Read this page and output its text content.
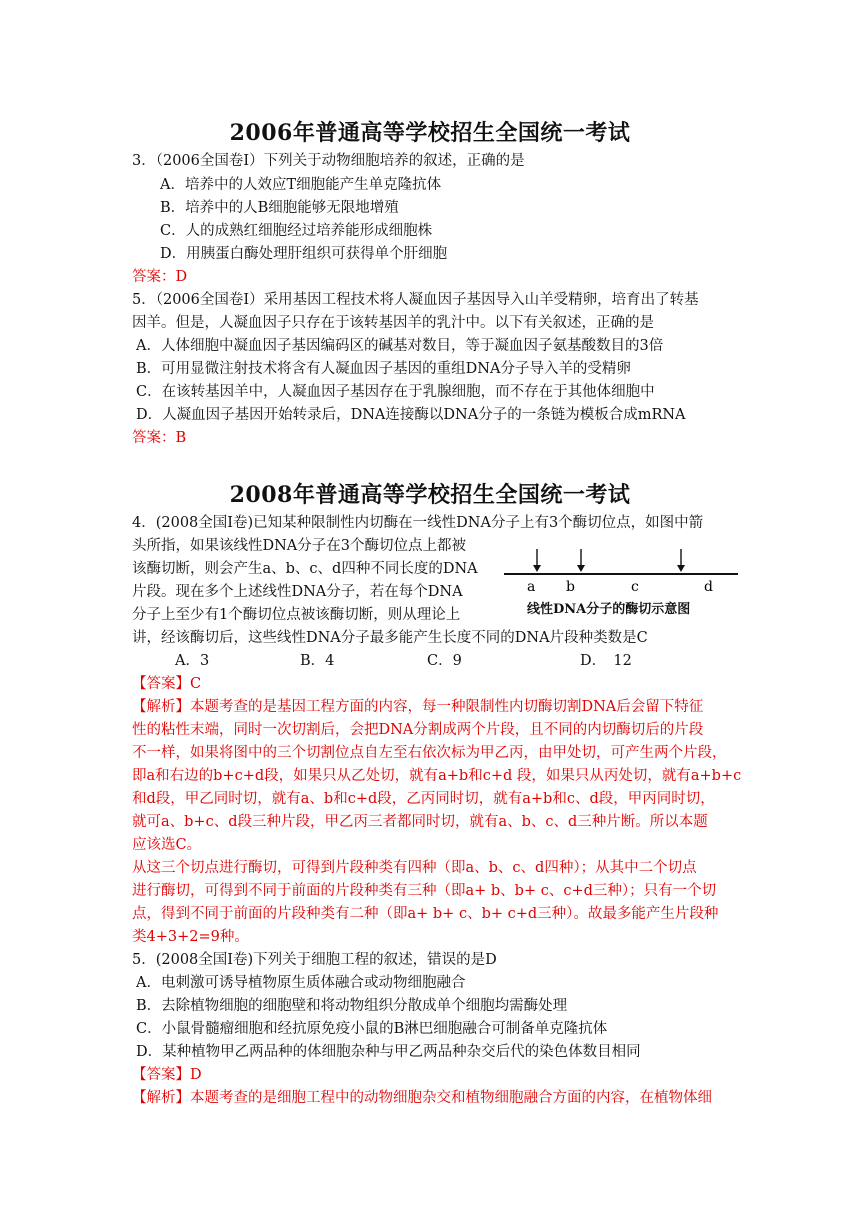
2006年普通高等学校招生全国统一考试
3．（2006全国卷Ⅰ）下列关于动物细胞培养的叙述，正确的是
A．培养中的人效应T细胞能产生单克隆抗体
B．培养中的人B细胞能够无限地增殖
C．人的成熟红细胞经过培养能形成细胞株
D．用胰蛋白酶处理肝组织可获得单个肝细胞
答案：D
5．（2006全国卷Ⅰ）采用基因工程技术将人凝血因子基因导入山羊受精卵，培育出了转基
因羊。但是，人凝血因子只存在于该转基因羊的乳汁中。以下有关叙述，正确的是
A．人体细胞中凝血因子基因编码区的碱基对数目，等于凝血因子氨基酸数目的3倍
B．可用显微注射技术将含有人凝血因子基因的重组DNA分子导入羊的受精卵
C．在该转基因羊中，人凝血因子基因存在于乳腺细胞，而不存在于其他体细胞中
D．人凝血因子基因开始转录后，DNA连接酶以DNA分子的一条链为模板合成mRNA
答案：B
2008年普通高等学校招生全国统一考试
4．(2008全国Ⅰ卷)已知某种限制性内切酶在一线性DNA分子上有3个酶切位点，如图中箭
头所指，如果该线性DNA分子在3个酶切位点上都被
该酶切断，则会产生a、b、c、d四种不同长度的DNA
片段。现在多个上述线性DNA分子，若在每个DNA
分子上至少有1个酶切位点被该酶切断，则从理论上
讲，经该酶切后，这些线性DNA分子最多能产生长度不同的DNA片段种类数是C
a b	c	d
线性DNA分子的酶切示意图
A．3	B．4	C．9	D．　12
【答案】C
【解析】本题考查的是基因工程方面的内容，每一种限制性内切酶切割DNA后会留下特征
性的粘性末端，同时一次切割后，会把DNA分割成两个片段，且不同的内切酶切后的片段
不一样，如果将图中的三个切割位点自左至右依次标为甲乙丙，由甲处切，可产生两个片段，
即a和右边的b+c+d段，如果只从乙处切，就有a+b和c+d 段，如果只从丙处切，就有a+b+c
和d段，甲乙同时切，就有a、b和c+d段，乙丙同时切，就有a+b和c、d段，甲丙同时切，
就可a、b+c、d段三种片段，甲乙丙三者都同时切，就有a、b、c、d三种片断。所以本题
应该选C。
从这三个切点进行酶切，可得到片段种类有四种（即a、b、c、d四种）；从其中二个切点
进行酶切，可得到不同于前面的片段种类有三种（即a+ b、b+ c、c+d三种）；只有一个切
点，得到不同于前面的片段种类有二种（即a+ b+ c、b+ c+d三种）。故最多能产生片段种
类4+3+2=9种。
5．(2008全国Ⅰ卷)下列关于细胞工程的叙述，错误的是D
A．电刺激可诱导植物原生质体融合或动物细胞融合
B．去除植物细胞的细胞壁和将动物组织分散成单个细胞均需酶处理
C．小鼠骨髓瘤细胞和经抗原免疫小鼠的B淋巴细胞融合可制备单克隆抗体
D．某种植物甲乙两品种的体细胞杂种与甲乙两品种杂交后代的染色体数目相同
【答案】D
【解析】本题考查的是细胞工程中的动物细胞杂交和植物细胞融合方面的内容，在植物体细
